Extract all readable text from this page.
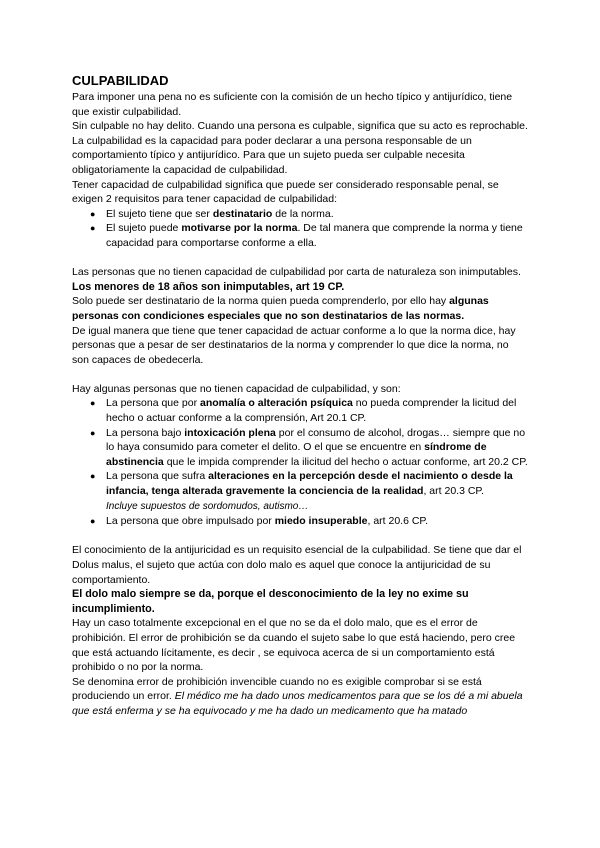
CULPABILIDAD

Para imponer una pena no es suficiente con la comisión de un hecho típico y antijurídico, tiene que existir culpabilidad.

Sin culpable no hay delito. Cuando una persona es culpable, significa que su acto es reprochable.

La culpabilidad es la capacidad para poder declarar a una persona responsable de un comportamiento típico y antijurídico. Para que un sujeto pueda ser culpable necesita obligatoriamente la capacidad de culpabilidad.

Tener capacidad de culpabilidad significa que puede ser considerado responsable penal, se exigen 2 requisitos para tener capacidad de culpabilidad:

● El sujeto tiene que ser destinatario de la norma.
● El sujeto puede motivarse por la norma. De tal manera que comprende la norma y tiene capacidad para comportarse conforme a ella.

Las personas que no tienen capacidad de culpabilidad por carta de naturaleza son inimputables.

Los menores de 18 años son inimputables, art 19 CP.

Solo puede ser destinatario de la norma quien pueda comprenderlo, por ello hay algunas personas con condiciones especiales que no son destinatarios de las normas.

De igual manera que tiene que tener capacidad de actuar conforme a lo que la norma dice, hay personas que a pesar de ser destinatarios de la norma y comprender lo que dice la norma, no son capaces de obedecerla.

Hay algunas personas que no tienen capacidad de culpabilidad, y son:

● La persona que por anomalía o alteración psíquica no pueda comprender la licitud del hecho o actuar conforme a la comprensión, Art 20.1 CP.
● La persona bajo intoxicación plena por el consumo de alcohol, drogas… siempre que no lo haya consumido para cometer el delito. O el que se encuentre en síndrome de abstinencia que le impida comprender la ilicitud del hecho o actuar conforme, art 20.2 CP.
● La persona que sufra alteraciones en la percepción desde el nacimiento o desde la infancia, tenga alterada gravemente la conciencia de la realidad, art 20.3 CP.
Incluye supuestos de sordomudos, autismo…
● La persona que obre impulsado por miedo insuperable, art 20.6 CP.

El conocimiento de la antijuricidad es un requisito esencial de la culpabilidad. Se tiene que dar el Dolus malus, el sujeto que actúa con dolo malo es aquel que conoce la antijuricidad de su comportamiento.

El dolo malo siempre se da, porque el desconocimiento de la ley no exime su incumplimiento.

Hay un caso totalmente excepcional en el que no se da el dolo malo, que es el error de prohibición. El error de prohibición se da cuando el sujeto sabe lo que está haciendo, pero cree que está actuando lícitamente, es decir , se equivoca acerca de si un comportamiento está prohibido o no por la norma.

Se denomina error de prohibición invencible cuando no es exigible comprobar si se está produciendo un error. El médico me ha dado unos medicamentos para que se los dé a mi abuela que está enferma y se ha equivocado y me ha dado un medicamento que ha matado
